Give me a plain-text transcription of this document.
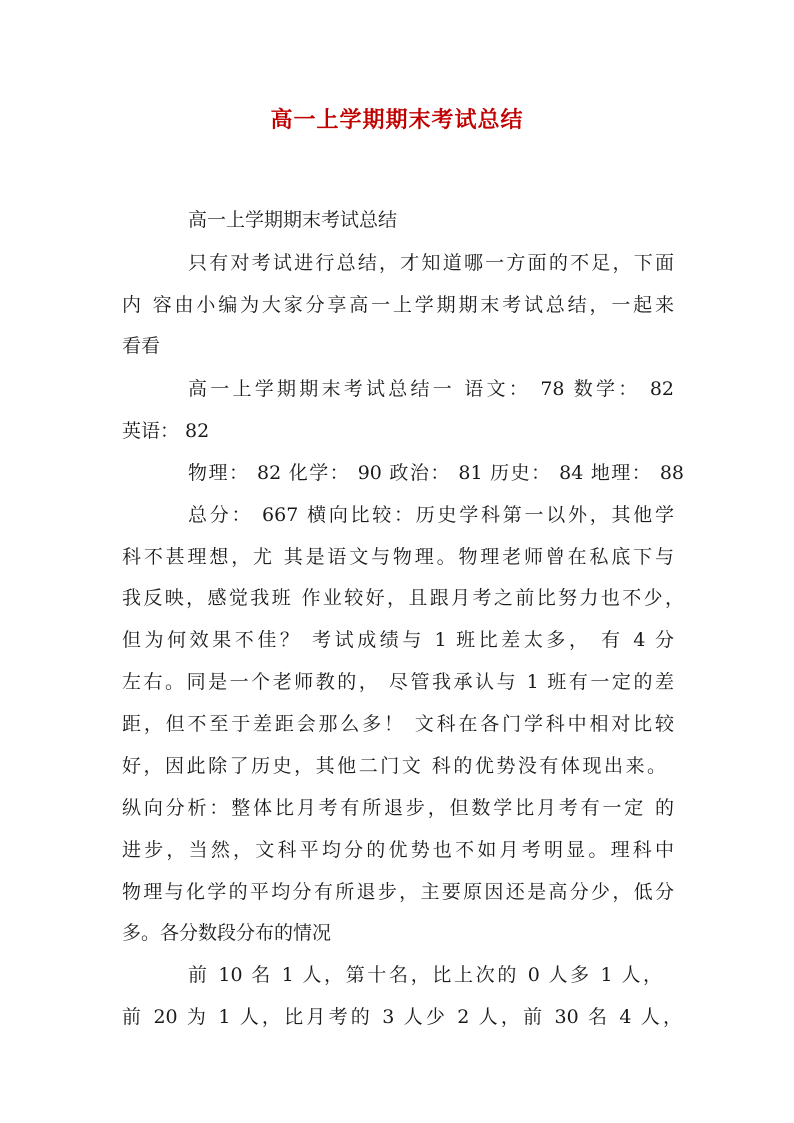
高一上学期期末考试总结
高一上学期期末考试总结
只有对考试进行总结，才知道哪一方面的不足，下面
内 容由小编为大家分享高一上学期期末考试总结，一起来
看看
高一上学期期末考试总结一 语文： 78 数学： 82
英语： 82
物理： 82 化学： 90 政治： 81 历史： 84 地理： 88
总分： 667 横向比较：历史学科第一以外，其他学
科不甚理想，尤 其是语文与物理。物理老师曾在私底下与
我反映，感觉我班 作业较好，且跟月考之前比努力也不少，
但为何效果不佳？ 考试成绩与 1 班比差太多， 有 4 分
左右。同是一个老师教的， 尽管我承认与 1 班有一定的差
距，但不至于差距会那么多！ 文科在各门学科中相对比较
好，因此除了历史，其他二门文 科的优势没有体现出来。
纵向分析：整体比月考有所退步，但数学比月考有一定 的
进步，当然，文科平均分的优势也不如月考明显。理科中
物理与化学的平均分有所退步，主要原因还是高分少，低分
多。各分数段分布的情况
前 10 名 1 人，第十名，比上次的 0 人多 1 人，
前 20 为 1 人，比月考的 3 人少 2 人，前 30 名 4 人，
